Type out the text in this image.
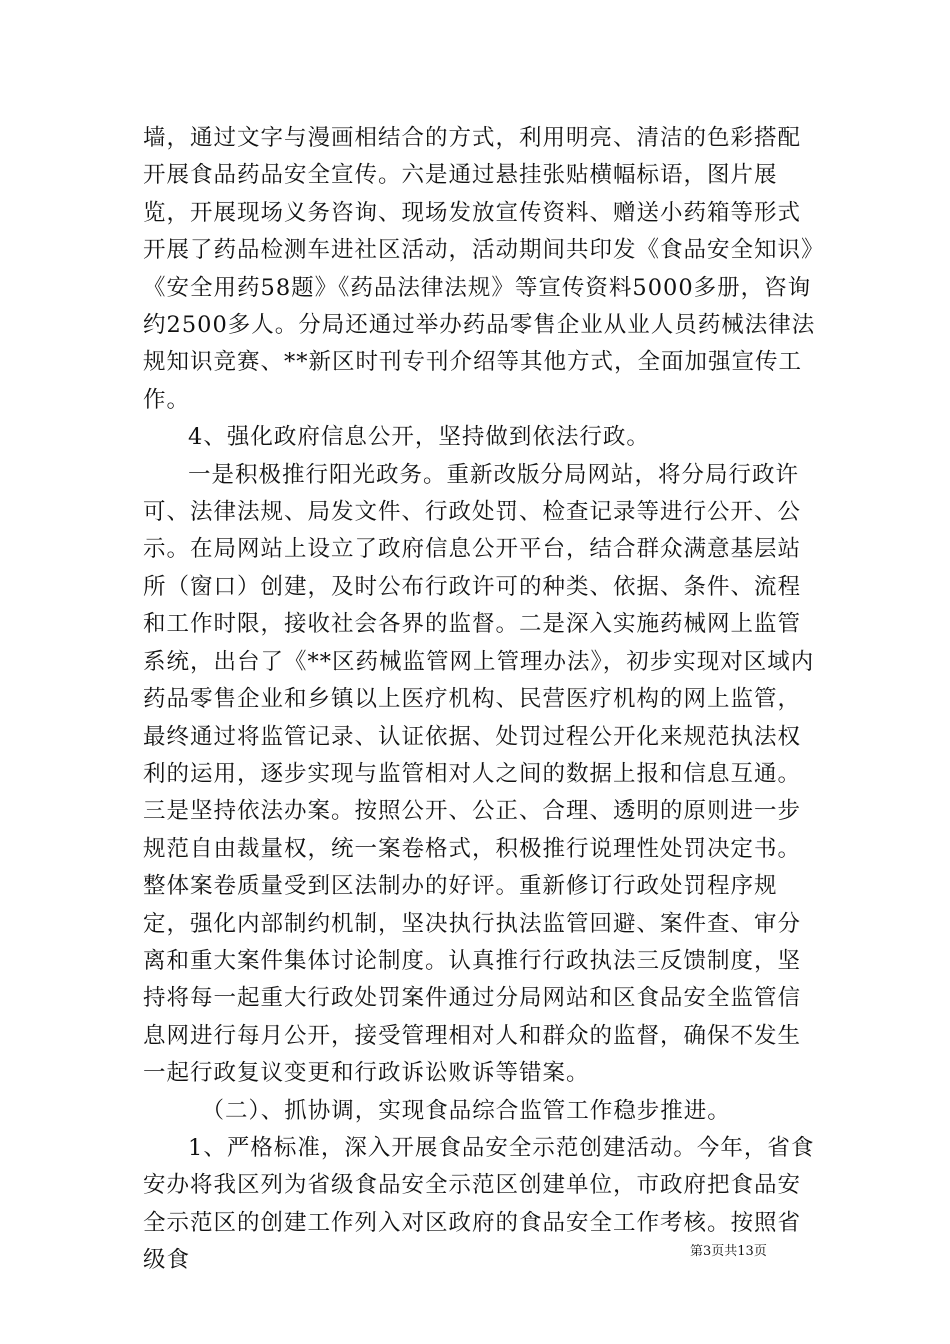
墙，通过文字与漫画相结合的方式，利用明亮、清洁的色彩搭配开展食品药品安全宣传。六是通过悬挂张贴横幅标语，图片展览，开展现场义务咨询、现场发放宣传资料、赠送小药箱等形式开展了药品检测车进社区活动，活动期间共印发《食品安全知识》《安全用药58题》《药品法律法规》等宣传资料5000多册，咨询约2500多人。分局还通过举办药品零售企业从业人员药械法律法规知识竞赛、**新区时刊专刊介绍等其他方式，全面加强宣传工作。

4、强化政府信息公开，坚持做到依法行政。

一是积极推行阳光政务。重新改版分局网站，将分局行政许可、法律法规、局发文件、行政处罚、检查记录等进行公开、公示。在局网站上设立了政府信息公开平台，结合群众满意基层站所（窗口）创建，及时公布行政许可的种类、依据、条件、流程和工作时限，接收社会各界的监督。二是深入实施药械网上监管系统，出台了《**区药械监管网上管理办法》，初步实现对区域内药品零售企业和乡镇以上医疗机构、民营医疗机构的网上监管，最终通过将监管记录、认证依据、处罚过程公开化来规范执法权利的运用，逐步实现与监管相对人之间的数据上报和信息互通。三是坚持依法办案。按照公开、公正、合理、透明的原则进一步规范自由裁量权，统一案卷格式，积极推行说理性处罚决定书。整体案卷质量受到区法制办的好评。重新修订行政处罚程序规定，强化内部制约机制，坚决执行执法监管回避、案件查、审分离和重大案件集体讨论制度。认真推行行政执法三反馈制度，坚持将每一起重大行政处罚案件通过分局网站和区食品安全监管信息网进行每月公开，接受管理相对人和群众的监督，确保不发生一起行政复议变更和行政诉讼败诉等错案。

（二）、抓协调，实现食品综合监管工作稳步推进。

1、严格标准，深入开展食品安全示范创建活动。今年，省食安办将我区列为省级食品安全示范区创建单位，市政府把食品安全示范区的创建工作列入对区政府的食品安全工作考核。按照省级食	第3页共13页
